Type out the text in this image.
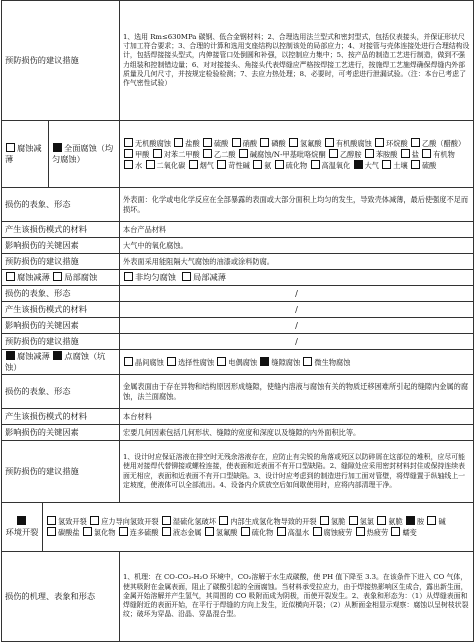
预防损伤的建议措施	1、选用 Rm≤630MPa 碳钢、低合金钢材料；2、合理选用法兰型式和密封型式，包括仪表接头，并保证形状尺寸加工符合要求；3、合理的计算和选用支座结构以控制该处的局部应力；4、对接管与壳体连接处进行合理结构设计，包括焊接接头型式，内伸接管口处倒圆和补强，以控制应力集中；5、按产品的制造工艺进行制造，做到不强力组装和控制错边量；6、对对接接头、角接头代表焊缝应严格按焊接工艺进行，按施焊工艺施焊确保焊缝内外部质量及几何尺寸，并按规定检验检测；7、去应力热处理；8、必要时，可考虑进行泄漏试验。（注：本台已考虑了作气密性试验）

腐蚀减薄	全面腐蚀（均匀腐蚀）
	无机酸腐蚀 盐酸 硫酸 硝酸 磷酸 氢氟酸 有机酸腐蚀 环烷酸 乙酸（醋酸） 甲酸 对苯二甲酸 乙二酸 碱腐蚀/N-甲基吡咯烷酮 乙醇胺 苯胺酸 盐 有机物 水 二氧化碳 烟气 苛性碱 氨 硫化物 高温氧化 大气 土壤 硫酸
损伤的表象、形态	外表面：化学或电化学反应在全部暴露的表面或大部分面积上均匀的发生，导致壳体减薄，最后使强度不足而损坏。
产生该损伤模式的材料	本台产品材料
影响损伤的关键因素	大气中的氧化腐蚀。
预防损伤的建议措施	外表面采用能阻隔大气腐蚀的油漆或涂料防腐。
腐蚀减薄 局部腐蚀	非均匀腐蚀 局部减薄
损伤的表象、形态	/
产生该损伤模式的材料	/
影响损伤的关键因素	/
预防损伤的建议措施	/
腐蚀减薄 点腐蚀（坑蚀）	晶间腐蚀 选择性腐蚀 电偶腐蚀 缝隙腐蚀 微生物腐蚀
损伤的表象、形态	金属表面由于存在异物和结构原因形成缝隙，使缝内溶液与腐蚀有关的物质迁移困难所引起的缝隙内金属的腐蚀，法兰面腐蚀。
产生该损伤模式的材料	本台材料
影响损伤的关键因素	宏要几何因素包括几何形状、缝隙的宽度和深度以及缝隙的内外面积比等。
预防损伤的建议措施	1、设计时应保证溶液在排空时无残余溶液存在，应防止有尖锐的角落或死区以防碎屑在这部位的堆积，应尽可能使用对接焊代替铆接或螺栓连接，使表面和近表面不有开口型缺陷。2、缝隙处应采用密封材料封住或保持连续表面无相应，表面和近表面不有开口型缺陷。3、设计时应考虑到的制造进行加工面对管壁，将焊缝置于纵轴线上一定坡度，使液体可以全部流出。4、设备内介质放空后如间歇使用时，应将内部清理干净。

环境开裂	氢致开裂 应力导向氢致开裂 湿硫化氢破坏 内部生成氢化物导致的开裂 氢脆 氢氯 氨脆 胺 碱 碳酸盐 氯化物 连多硫酸 液态金属 氢氟酸 硫化物 高温水 腐蚀疲劳 热疲劳 蠕变

损伤的机理、表象和形态	1、机理：在 CO-CO₂-H₂O 环境中，CO₂溶解于水生成碳酸，使 PH 值下降至 3.3。在该条件下进入 CO 气体，使其吸附在金属表面，阻止了碳酸引起的全面腐蚀。当材料承受拉应力，由于焊接热影响区生成合，露出新生面，金属开始溶解并产生氢气，其周围的 CO 吸附而成为阴极，而使开裂发生。2、表象和形态为：（1）从焊缝表面和焊缝附近的表面开始，在平行于焊缝的方向上发生，近似横向开裂；（2）从断面金相显示观察：腐蚀以呈树枝状裂纹；破坏为穿晶、沿晶、穿晶混合型。
